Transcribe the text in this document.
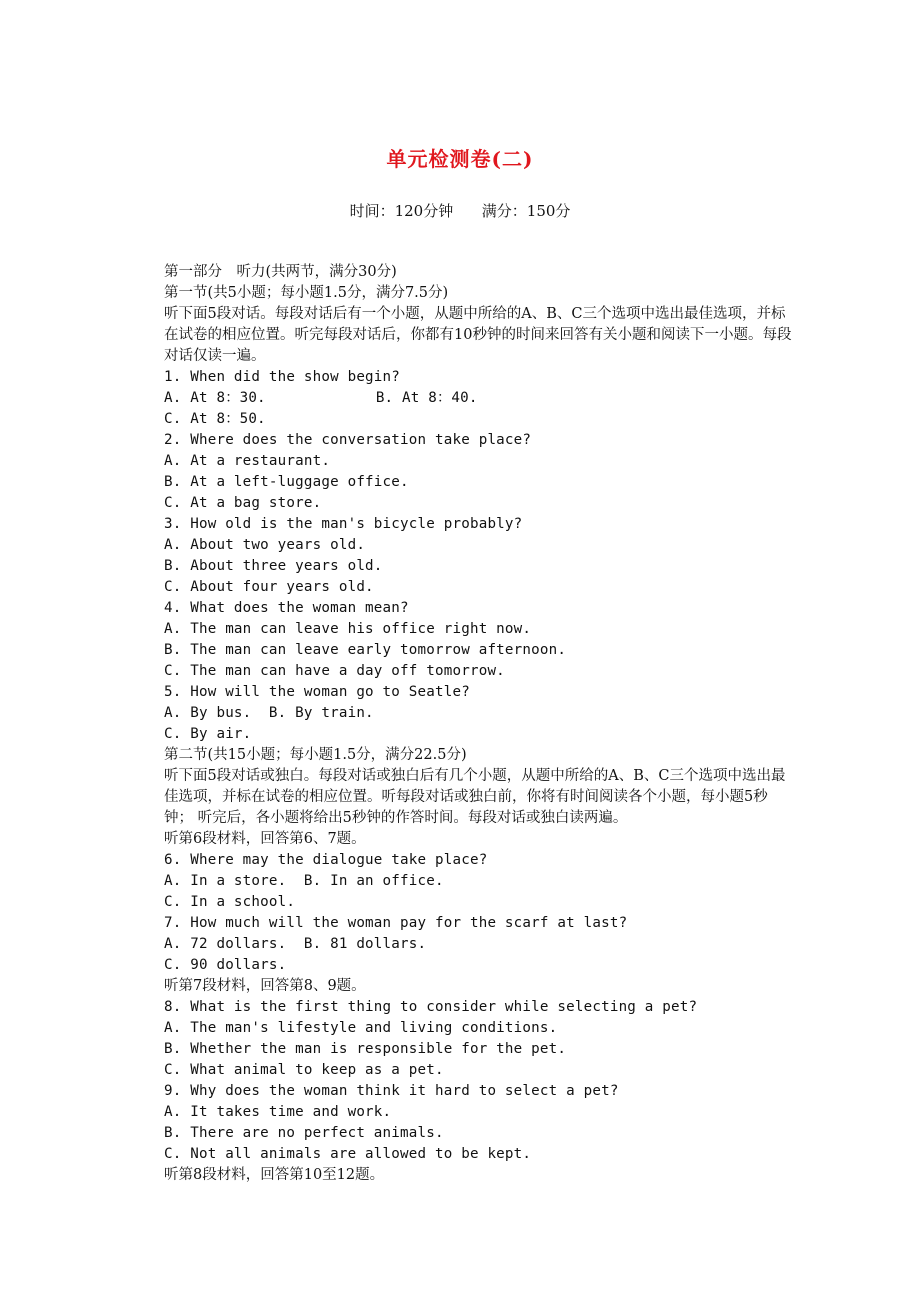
单元检测卷(二)
时间：120分钟      满分：150分
第一部分　听力(共两节，满分30分)
第一节(共5小题；每小题1.5分，满分7.5分)
听下面5段对话。每段对话后有一个小题，从题中所给的A、B、C三个选项中选出最佳选项，并标在试卷的相应位置。听完每段对话后，你都有10秒钟的时间来回答有关小题和阅读下一小题。每段对话仅读一遍。
1. When did the show begin?
A. At 8：30.	B. At 8：40.
C. At 8：50.
2. Where does the conversation take place?
A. At a restaurant.
B. At a left-luggage office.
C. At a bag store.
3. How old is the man's bicycle probably?
A. About two years old.
B. About three years old.
C. About four years old.
4. What does the woman mean?
A. The man can leave his office right now.
B. The man can leave early tomorrow afternoon.
C. The man can have a day off tomorrow.
5. How will the woman go to Seatle?
A. By bus.  B. By train.
C. By air.
第二节(共15小题；每小题1.5分，满分22.5分)
听下面5段对话或独白。每段对话或独白后有几个小题，从题中所给的A、B、C三个选项中选出最佳选项，并标在试卷的相应位置。听每段对话或独白前，你将有时间阅读各个小题，每小题5秒钟； 听完后，各小题将给出5秒钟的作答时间。每段对话或独白读两遍。
听第6段材料，回答第6、7题。
6. Where may the dialogue take place?
A. In a store.  B. In an office.
C. In a school.
7. How much will the woman pay for the scarf at last?
A. 72 dollars.  B. 81 dollars.
C. 90 dollars.
听第7段材料，回答第8、9题。
8. What is the first thing to consider while selecting a pet?
A. The man's lifestyle and living conditions.
B. Whether the man is responsible for the pet.
C. What animal to keep as a pet.
9. Why does the woman think it hard to select a pet?
A. It takes time and work.
B. There are no perfect animals.
C. Not all animals are allowed to be kept.
听第8段材料，回答第10至12题。
